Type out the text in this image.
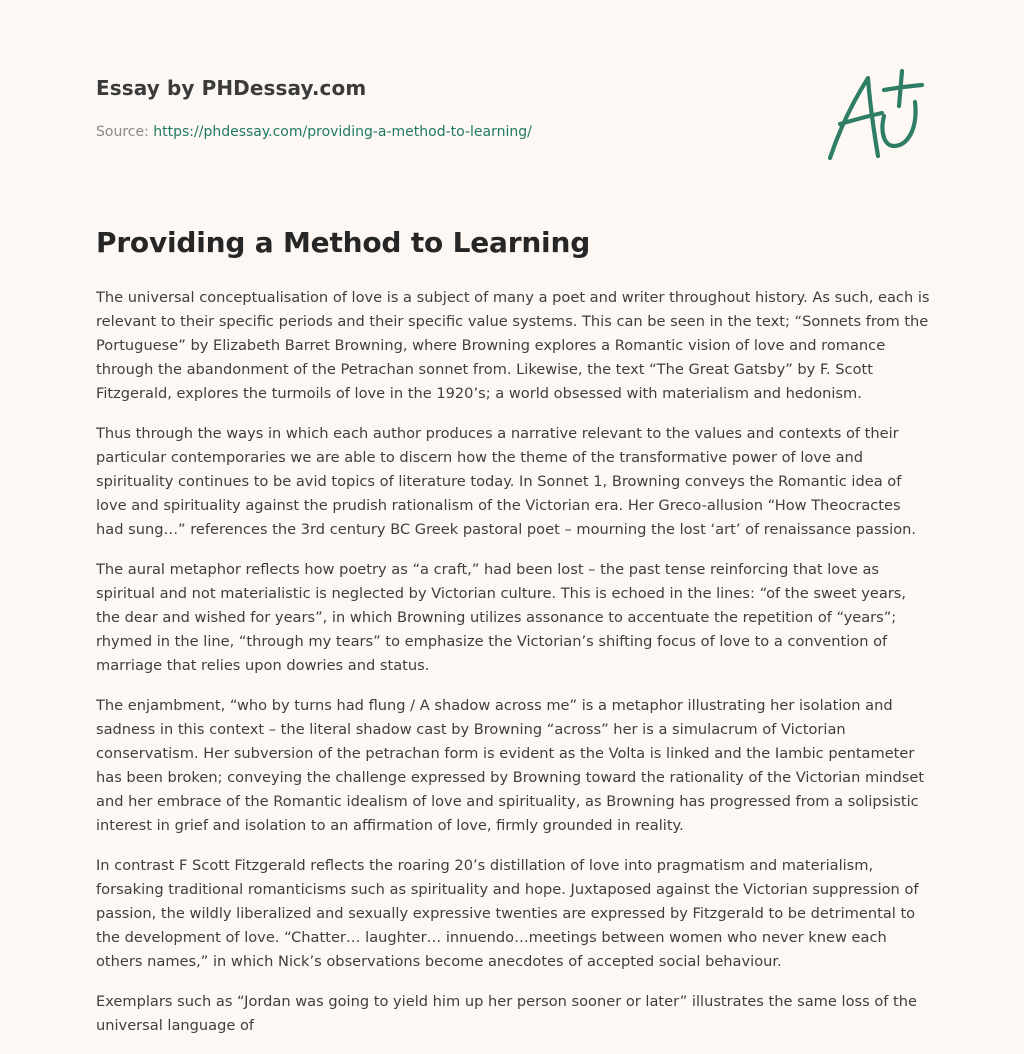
Essay by PHDessay.com
Source: https://phdessay.com/providing-a-method-to-learning/
Providing a Method to Learning

The universal conceptualisation of love is a subject of many a poet and writer throughout history. As such, each is relevant to their specific periods and their specific value systems. This can be seen in the text; “Sonnets from the Portuguese” by Elizabeth Barret Browning, where Browning explores a Romantic vision of love and romance through the abandonment of the Petrachan sonnet from. Likewise, the text “The Great Gatsby” by F. Scott Fitzgerald, explores the turmoils of love in the 1920’s; a world obsessed with materialism and hedonism.

Thus through the ways in which each author produces a narrative relevant to the values and contexts of their particular contemporaries we are able to discern how the theme of the transformative power of love and spirituality continues to be avid topics of literature today. In Sonnet 1, Browning conveys the Romantic idea of love and spirituality against the prudish rationalism of the Victorian era. Her Greco-allusion “How Theocractes had sung…” references the 3rd century BC Greek pastoral poet – mourning the lost ‘art’ of renaissance passion.

The aural metaphor reflects how poetry as “a craft,” had been lost – the past tense reinforcing that love as spiritual and not materialistic is neglected by Victorian culture. This is echoed in the lines: “of the sweet years, the dear and wished for years”, in which Browning utilizes assonance to accentuate the repetition of “years”; rhymed in the line, “through my tears” to emphasize the Victorian’s shifting focus of love to a convention of marriage that relies upon dowries and status.

The enjambment, “who by turns had flung / A shadow across me” is a metaphor illustrating her isolation and sadness in this context – the literal shadow cast by Browning “across” her is a simulacrum of Victorian conservatism. Her subversion of the petrachan form is evident as the Volta is linked and the Iambic pentameter has been broken; conveying the challenge expressed by Browning toward the rationality of the Victorian mindset and her embrace of the Romantic idealism of love and spirituality, as Browning has progressed from a solipsistic interest in grief and isolation to an affirmation of love, firmly grounded in reality.

In contrast F Scott Fitzgerald reflects the roaring 20’s distillation of love into pragmatism and materialism, forsaking traditional romanticisms such as spirituality and hope. Juxtaposed against the Victorian suppression of passion, the wildly liberalized and sexually expressive twenties are expressed by Fitzgerald to be detrimental to the development of love. “Chatter… laughter… innuendo…meetings between women who never knew each others names,” in which Nick’s observations become anecdotes of accepted social behaviour.

Exemplars such as “Jordan was going to yield him up her person sooner or later” illustrates the same loss of the universal language of
